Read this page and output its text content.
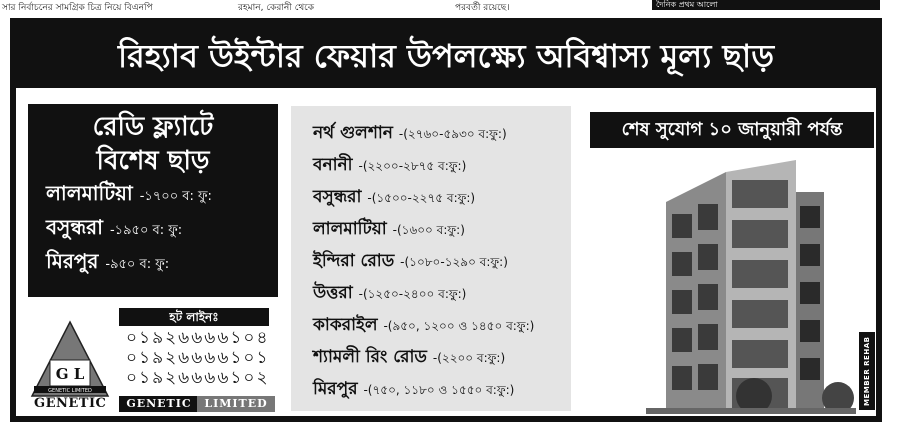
সার নির্বাচনের সামগ্রিক চিত্র নিয়ে বিএনপি	রহমান, কেরানী থেকে	পরবর্তী রয়েছে।	দৈনিক প্রথম আলো
রিহ্যাব উইন্টার ফেয়ার উপলক্ষ্যে অবিশ্বাস্য মূল্য ছাড়
রেডি ফ্ল্যাটে
বিশেষ ছাড়
লালমাটিয়া -১৭০০ ব: ফু:
বসুন্ধরা -১৯৫০ ব: ফু:
মিরপুর -৯৫০ ব: ফু:
G L
GENETIC LIMITED
GENETIC
হট লাইনঃ
০১৯২৬৬৬৬১০৪
০১৯২৬৬৬৬১০১
০১৯২৬৬৬৬১০২
GENETIC	LIMITED
নর্থ গুলশান -(২৭৬০-৫৯৩০ ব:ফু:)
বনানী -(২২০০-২৮৭৫ ব:ফু:)
বসুন্ধরা -(১৫০০-২২৭৫ ব:ফু:)
লালমাটিয়া -(১৬০০ ব:ফু:)
ইন্দিরা রোড -(১০৮০-১২৯০ ব:ফু:)
উত্তরা -(১২৫০-২৪০০ ব:ফু:)
কাকরাইল -(৯৫০, ১২০০ ও ১৪৫০ ব:ফু:)
শ্যামলী রিং রোড -(২২০০ ব:ফু:)
মিরপুর -(৭৫০, ১১৮০ ও ১৫৫০ ব:ফু:)
শেষ সুযোগ ১০ জানুয়ারী পর্যন্ত
MEMBER REHAB
